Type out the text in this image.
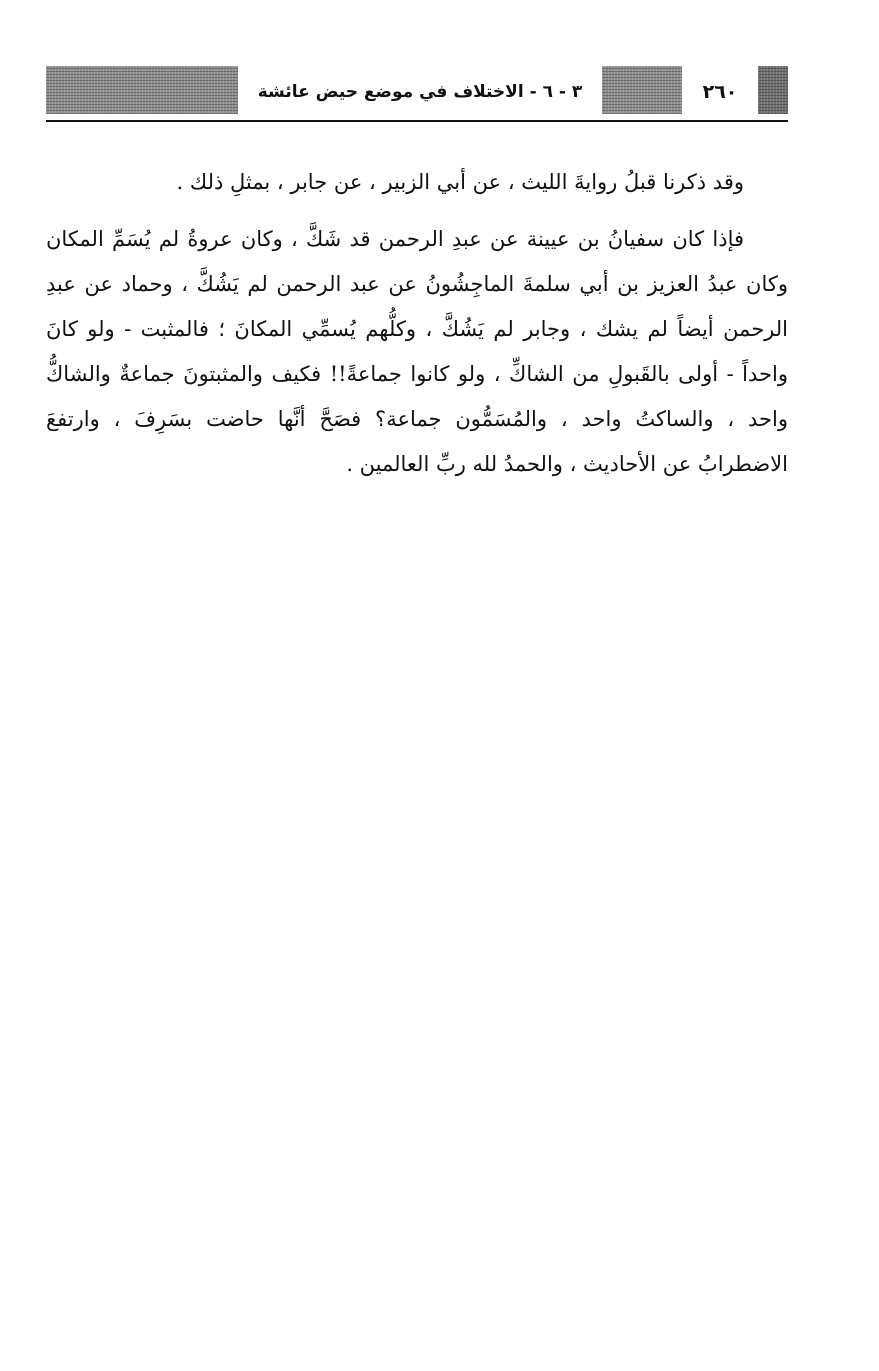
٣ - ٦ - الاختلاف في موضع حيض عائشة	٢٦٠

وقد ذكرنا قبلُ روايةَ الليث ، عن أبي الزبير ، عن جابر ، بمثلِ ذلك .

فإذا كان سفيانُ بن عيينة عن عبدِ الرحمن قد شَكَّ ، وكان عروةُ لم يُسَمِّ المكان وكان عبدُ العزيز بن أبي سلمةَ الماجِشُونُ عن عبد الرحمن لم يَشُكَّ ، وحماد عن عبدِ الرحمن أيضاً لم يشك ، وجابر لم يَشُكَّ ، وكلُّهم يُسمِّي المكانَ ؛ فالمثبت - ولو كانَ واحداً - أولى بالقَبولِ من الشاكِّ ، ولو كانوا جماعةً!! فكيف والمثبتونَ جماعةٌ والشاكُّ واحد ، والساكتُ واحد ، والمُسَمُّون جماعة؟ فصَحَّ أنَّها حاضت بسَرِفَ ، وارتفعَ الاضطرابُ عن الأحاديث ، والحمدُ لله ربِّ العالمين .
